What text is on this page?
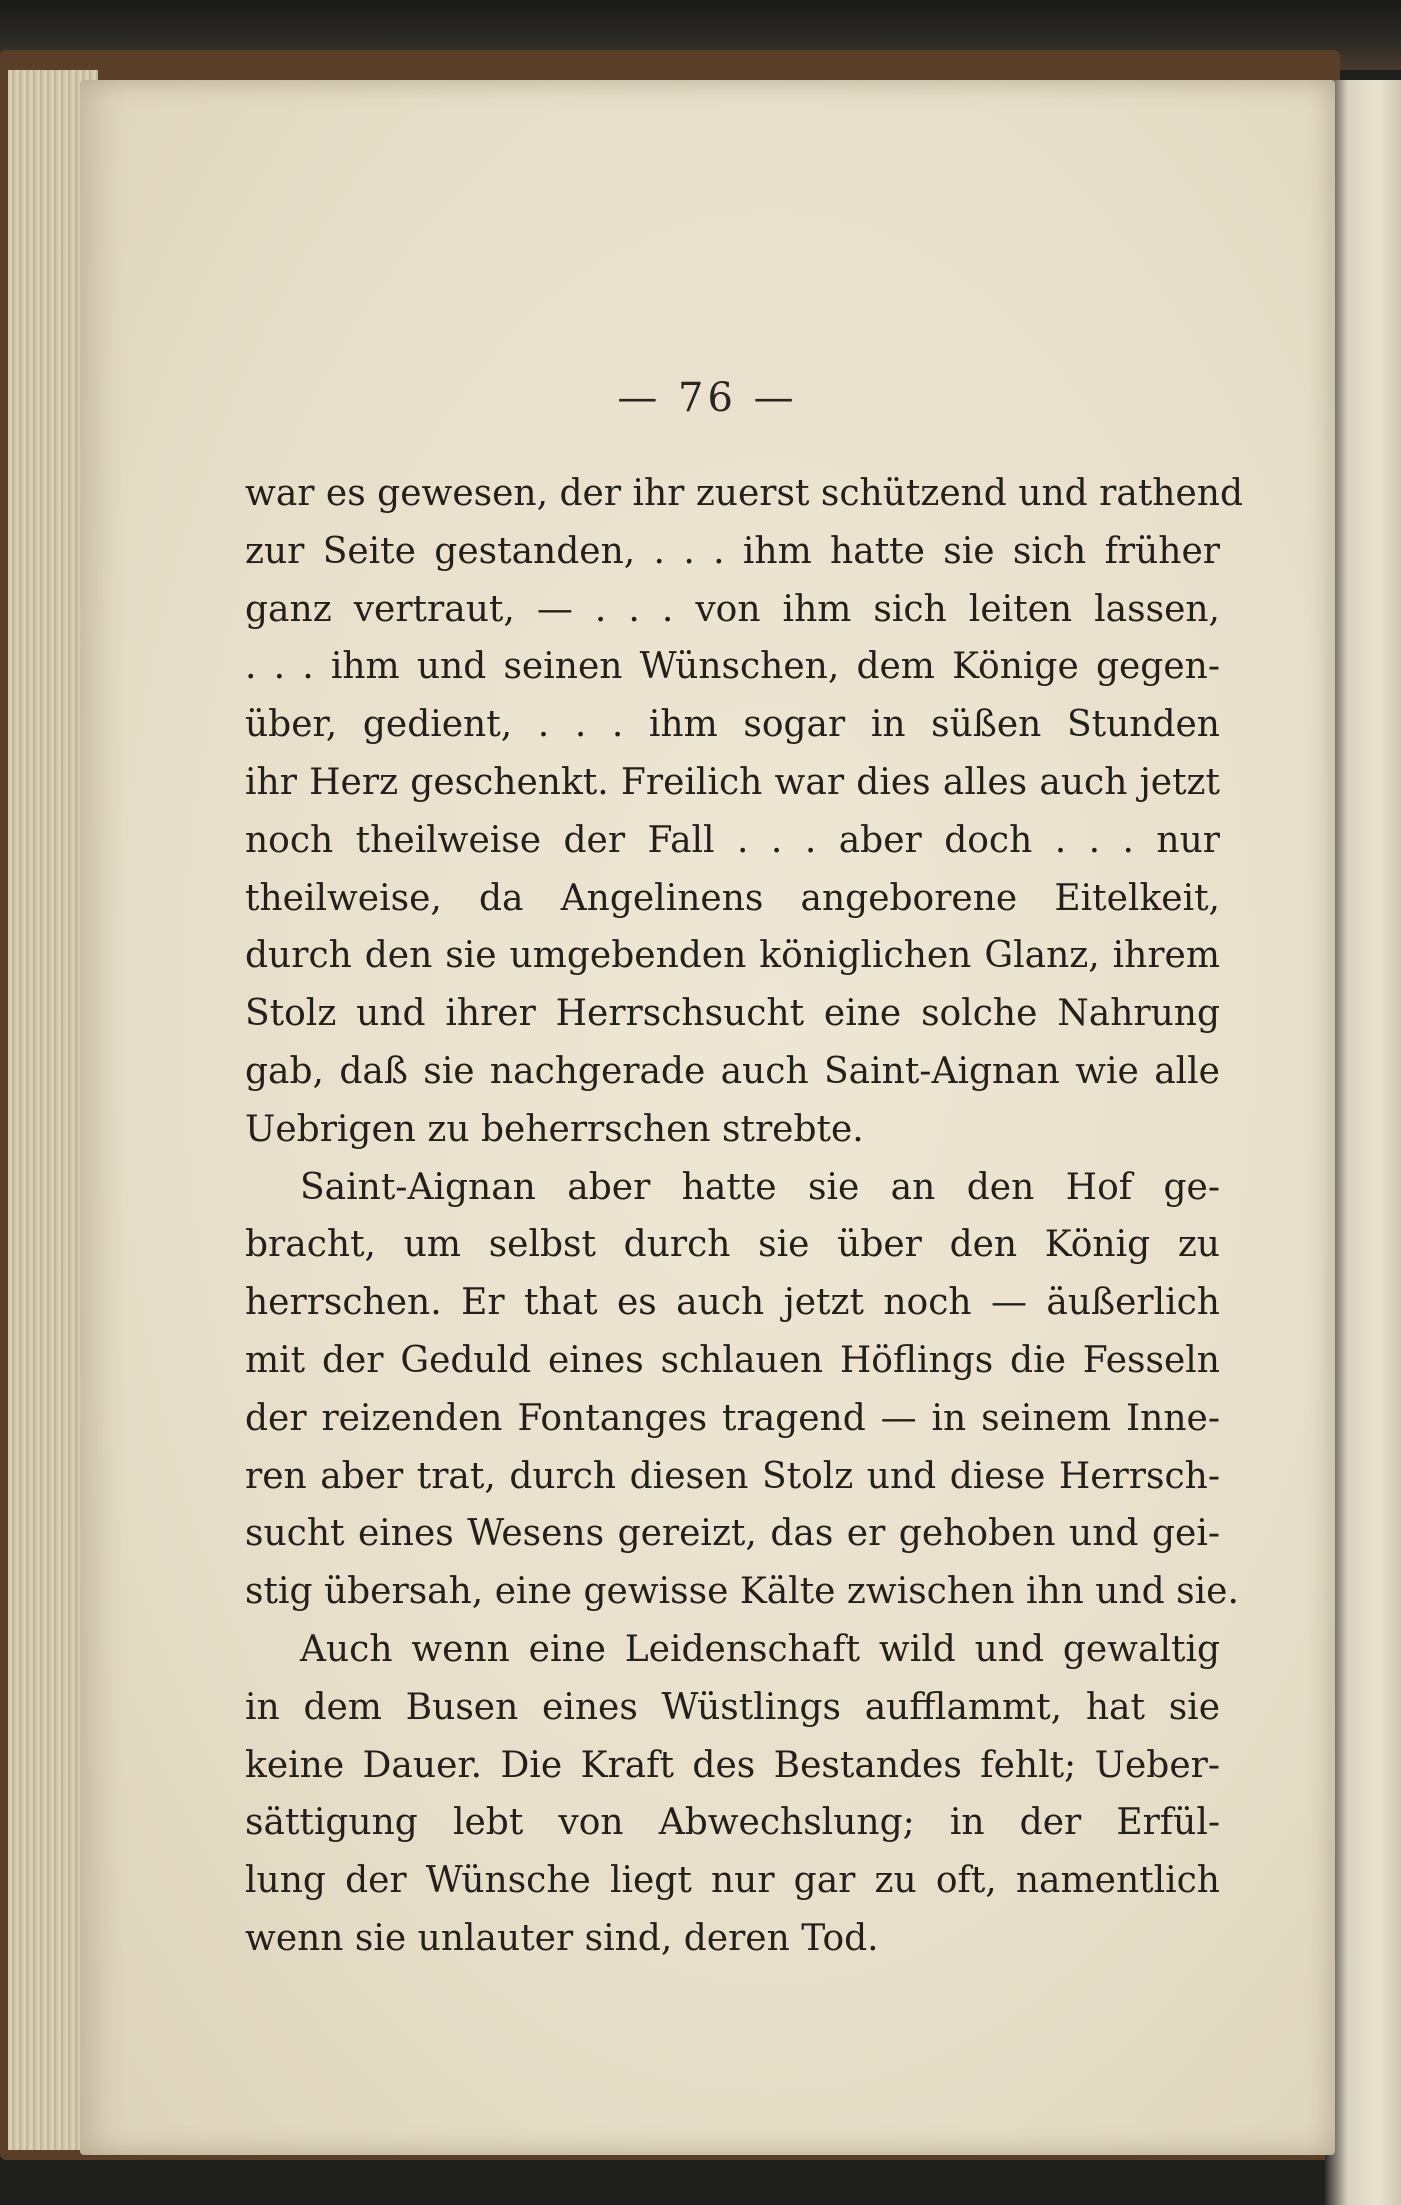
— 76 —
war es gewesen, der ihr zuerst schützend und rathend
zur Seite gestanden, . . . ihm hatte sie sich früher
ganz vertraut, — . . . von ihm sich leiten lassen,
. . . ihm und seinen Wünschen, dem Könige gegen-
über, gedient, . . . ihm sogar in süßen Stunden
ihr Herz geschenkt. Freilich war dies alles auch jetzt
noch theilweise der Fall . . . aber doch . . . nur
theilweise, da Angelinens angeborene Eitelkeit,
durch den sie umgebenden königlichen Glanz, ihrem
Stolz und ihrer Herrschsucht eine solche Nahrung
gab, daß sie nachgerade auch Saint-Aignan wie alle
Uebrigen zu beherrschen strebte.
Saint-Aignan aber hatte sie an den Hof ge-
bracht, um selbst durch sie über den König zu
herrschen. Er that es auch jetzt noch — äußerlich
mit der Geduld eines schlauen Höflings die Fesseln
der reizenden Fontanges tragend — in seinem Inne-
ren aber trat, durch diesen Stolz und diese Herrsch-
sucht eines Wesens gereizt, das er gehoben und gei-
stig übersah, eine gewisse Kälte zwischen ihn und sie.
Auch wenn eine Leidenschaft wild und gewaltig
in dem Busen eines Wüstlings aufflammt, hat sie
keine Dauer. Die Kraft des Bestandes fehlt; Ueber-
sättigung lebt von Abwechslung; in der Erfül-
lung der Wünsche liegt nur gar zu oft, namentlich
wenn sie unlauter sind, deren Tod.
